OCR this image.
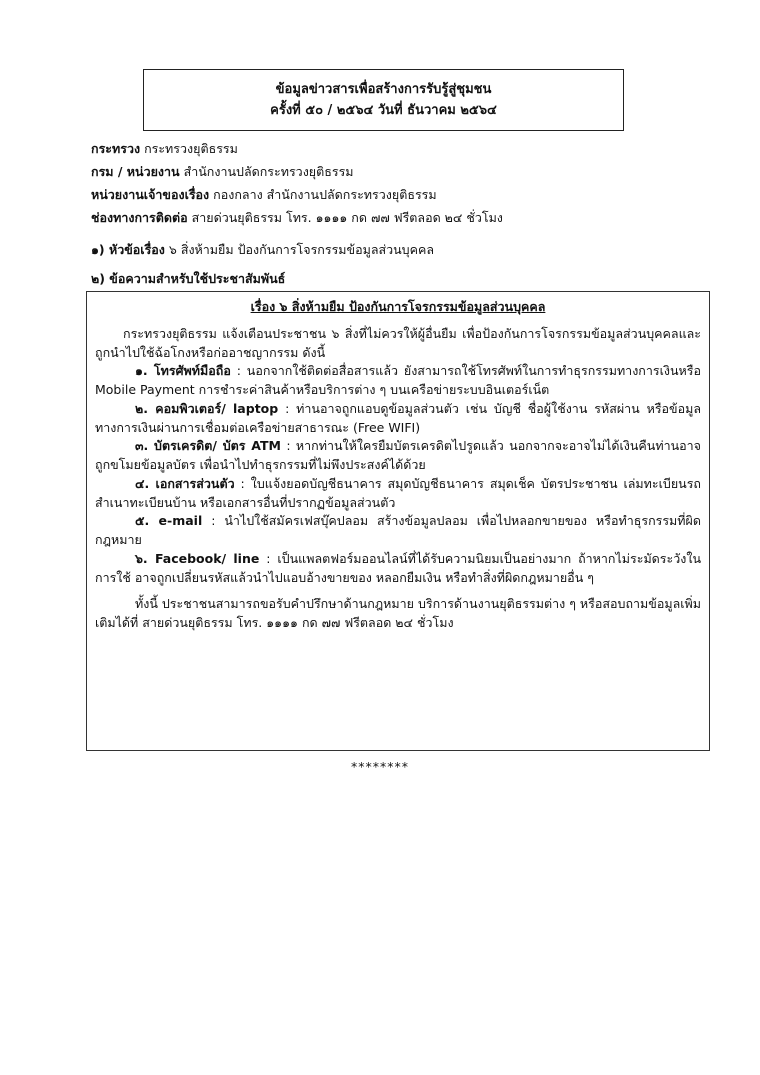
ข้อมูลข่าวสารเพื่อสร้างการรับรู้สู่ชุมชน
ครั้งที่ ๕๐ / ๒๕๖๔ วันที่ ธันวาคม ๒๕๖๔
กระทรวง กระทรวงยุติธรรม
กรม / หน่วยงาน สำนักงานปลัดกระทรวงยุติธรรม
หน่วยงานเจ้าของเรื่อง กองกลาง สำนักงานปลัดกระทรวงยุติธรรม
ช่องทางการติดต่อ สายด่วนยุติธรรม โทร. ๑๑๑๑ กด ๗๗ ฟรีตลอด ๒๔ ชั่วโมง
๑) หัวข้อเรื่อง ๖ สิ่งห้ามยืม ป้องกันการโจรกรรมข้อมูลส่วนบุคคล
๒) ข้อความสำหรับใช้ประชาสัมพันธ์
เรื่อง ๖ สิ่งห้ามยืม ป้องกันการโจรกรรมข้อมูลส่วนบุคคล

กระทรวงยุติธรรม แจ้งเตือนประชาชน ๖ สิ่งที่ไม่ควรให้ผู้อื่นยืม เพื่อป้องกันการโจรกรรมข้อมูลส่วนบุคคลและถูกนำไปใช้ฉ้อโกงหรือก่ออาชญากรรม ดังนี้

๑. โทรศัพท์มือถือ : นอกจากใช้ติดต่อสื่อสารแล้ว ยังสามารถใช้โทรศัพท์ในการทำธุรกรรมทางการเงินหรือ Mobile Payment การชำระค่าสินค้าหรือบริการต่าง ๆ บนเครือข่ายระบบอินเตอร์เน็ต

๒. คอมพิวเตอร์/ laptop : ท่านอาจถูกแอบดูข้อมูลส่วนตัว เช่น บัญชี ชื่อผู้ใช้งาน รหัสผ่าน หรือข้อมูลทางการเงินผ่านการเชื่อมต่อเครือข่ายสาธารณะ (Free WIFI)

๓. บัตรเครดิต/ บัตร ATM : หากท่านให้ใครยืมบัตรเครดิตไปรูดแล้ว นอกจากจะอาจไม่ได้เงินคืนท่านอาจถูกขโมยข้อมูลบัตร เพื่อนำไปทำธุรกรรมที่ไม่พึงประสงค์ได้ด้วย

๔. เอกสารส่วนตัว : ใบแจ้งยอดบัญชีธนาคาร สมุดบัญชีธนาคาร สมุดเช็ค บัตรประชาชน เล่มทะเบียนรถ สำเนาทะเบียนบ้าน หรือเอกสารอื่นที่ปรากฏข้อมูลส่วนตัว

๕. e-mail : นำไปใช้สมัครเฟสบุ๊คปลอม สร้างข้อมูลปลอม เพื่อไปหลอกขายของ หรือทำธุรกรรมที่ผิดกฎหมาย

๖. Facebook/ line : เป็นแพลตฟอร์มออนไลน์ที่ได้รับความนิยมเป็นอย่างมาก ถ้าหากไม่ระมัดระวังในการใช้ อาจถูกเปลี่ยนรหัสแล้วนำไปแอบอ้างขายของ หลอกยืมเงิน หรือทำสิ่งที่ผิดกฎหมายอื่น ๆ

ทั้งนี้ ประชาชนสามารถขอรับคำปรึกษาด้านกฎหมาย บริการด้านงานยุติธรรมต่าง ๆ หรือสอบถามข้อมูลเพิ่มเติมได้ที่ สายด่วนยุติธรรม โทร. ๑๑๑๑ กด ๗๗ ฟรีตลอด ๒๔ ชั่วโมง

********
